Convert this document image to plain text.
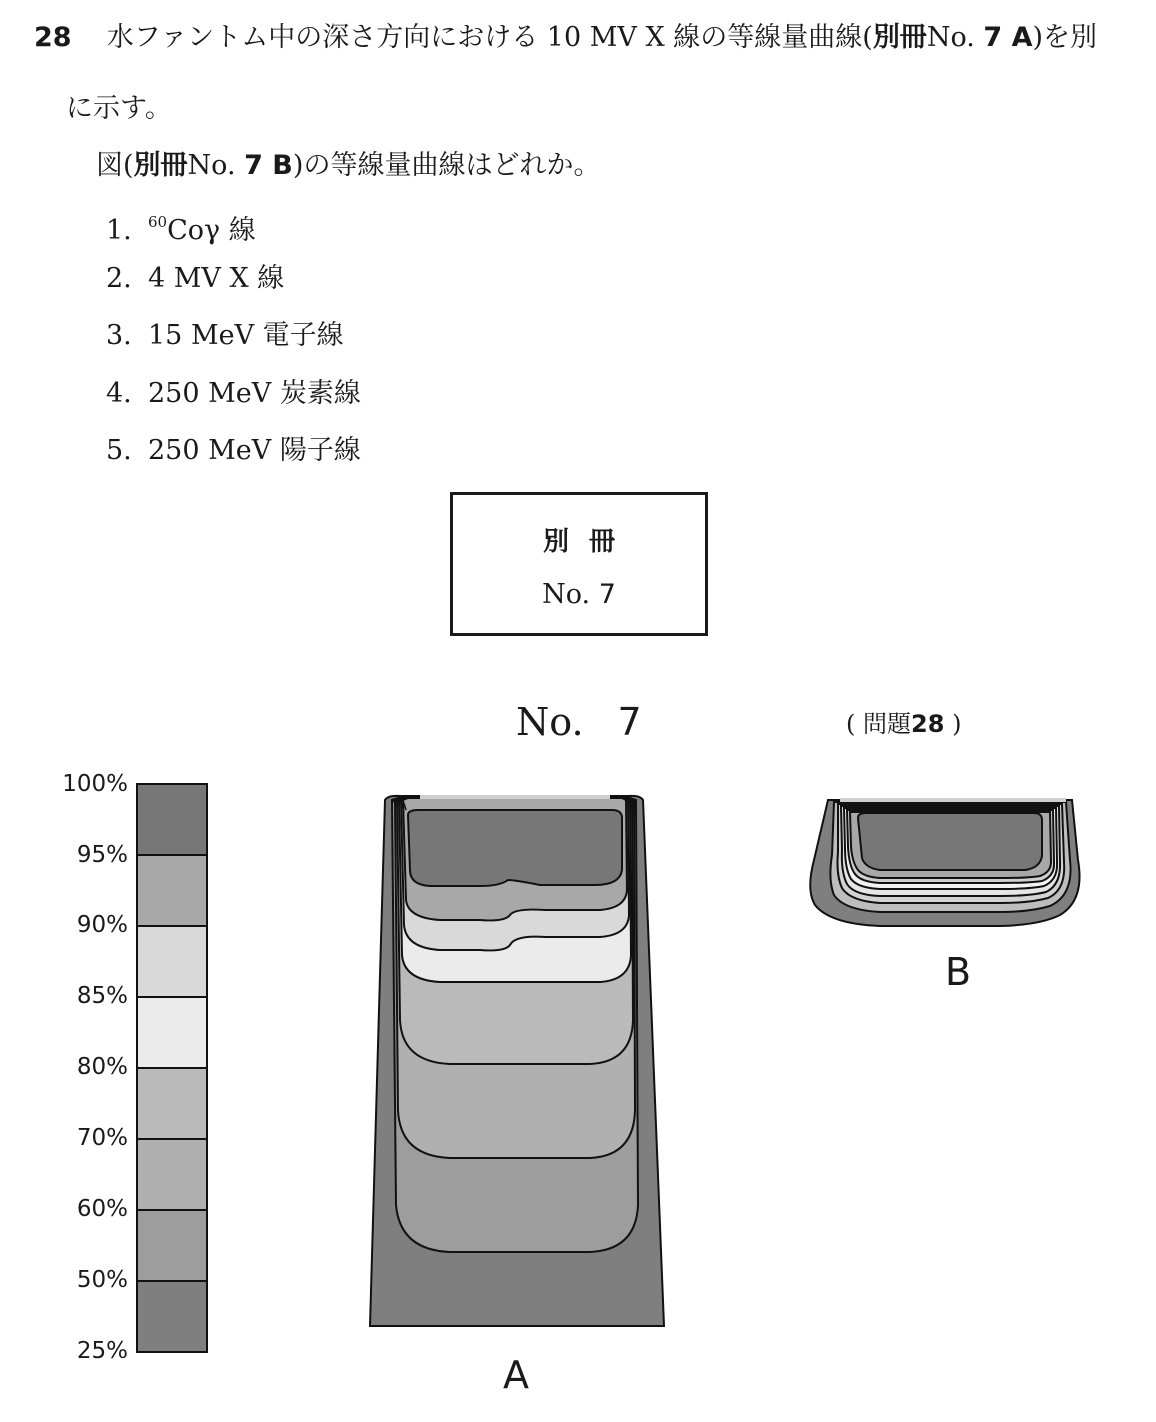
28 水ファントム中の深さ方向における 10 MV X 線の等線量曲線(別冊No. 7 A)を別
に示す。
図(別冊No. 7 B)の等線量曲線はどれか。
1. $^{60}$Coγ 線
2. 4 MV X 線
3. 15 MeV 電子線
4. 250 MeV 炭素線
5. 250 MeV 陽子線
別冊
No. 7
No. 7	( 問題28 )
100%
95%
90%
85%
80%
70%
60%
50%
25%
A
B
